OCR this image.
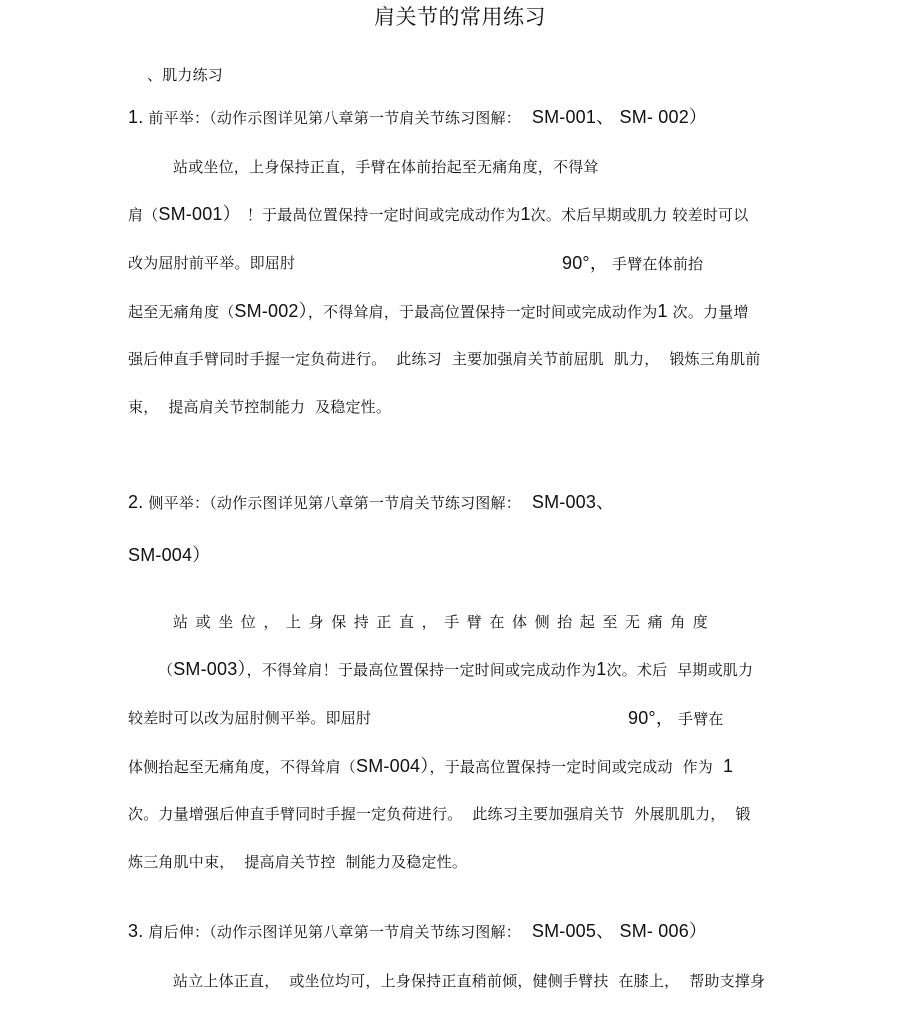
肩关节的常用练习
、肌力练习
1. 前平举：（动作示图详见第八章第一节肩关节练习图解： SM-001、 SM- 002）
站或坐位，上身保持正直，手臂在体前抬起至无痛角度，不得耸
肩（SM-001） ！于最咼位置保持一定时间或完成动作为1次。术后早期或肌力 较差时可以
改为屈肘前平举。即屈肘	90°， 手臂在体前抬
起至无痛角度（SM-002），不得耸肩，于最高位置保持一定时间或完成动作为1 次。力量增
强后伸直手臂同时手握一定负荷进行。  此练习  主要加强肩关节前屈肌  肌力，  锻炼三角肌前
束，  提高肩关节控制能力  及稳定性。
2. 侧平举：（动作示图详见第八章第一节肩关节练习图解： SM-003、
SM-004）
站或坐位，上身保持正直，手臂在体侧抬起至无痛角度
（SM-003），不得耸肩！于最高位置保持一定时间或完成动作为1次。术后  早期或肌力
较差时可以改为屈肘侧平举。即屈肘	90°， 手臂在
体侧抬起至无痛角度，不得耸肩（SM-004），于最高位置保持一定时间或完成动  作为  1
次。力量增强后伸直手臂同时手握一定负荷进行。  此练习主要加强肩关节  外展肌肌力，  锻
炼三角肌中束，  提高肩关节控  制能力及稳定性。
3. 肩后伸：（动作示图详见第八章第一节肩关节练习图解： SM-005、 SM- 006）
站立上体正直，  或坐位均可，上身保持正直稍前倾，健侧手臂扶  在膝上，  帮助支撑身
